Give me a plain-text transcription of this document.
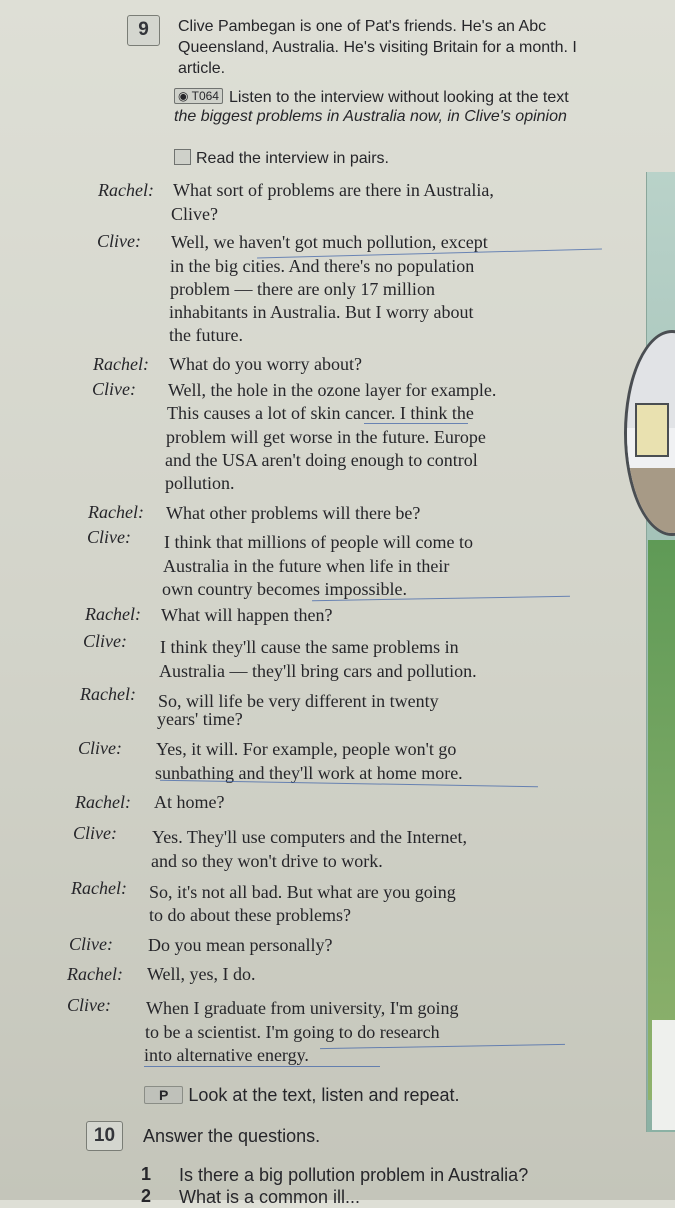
9	Clive Pambegan is one of Pat's friends. He's an Abc
Queensland, Australia. He's visiting Britain for a month. I
article.
◉ T064 Listen to the interview without looking at the text
the biggest problems in Australia now, in Clive's opinion
Read the interview in pairs.
Rachel: What sort of problems are there in Australia,
Clive?
Clive: Well, we haven't got much pollution, except
in the big cities. And there's no population
problem — there are only 17 million
inhabitants in Australia. But I worry about
the future.
Rachel: What do you worry about?
Clive: Well, the hole in the ozone layer for example.
This causes a lot of skin cancer. I think the
problem will get worse in the future. Europe
and the USA aren't doing enough to control
pollution.
Rachel: What other problems will there be?
Clive: I think that millions of people will come to
Australia in the future when life in their
own country becomes impossible.
Rachel: What will happen then?
Clive: I think they'll cause the same problems in
Australia — they'll bring cars and pollution.
Rachel: So, will life be very different in twenty
years' time?
Clive: Yes, it will. For example, people won't go
sunbathing and they'll work at home more.
Rachel: At home?
Clive: Yes. They'll use computers and the Internet,
and so they won't drive to work.
Rachel: So, it's not all bad. But what are you going
to do about these problems?
Clive: Do you mean personally?
Rachel: Well, yes, I do.
Clive: When I graduate from university, I'm going
to be a scientist. I'm going to do research
into alternative energy.
P Look at the text, listen and repeat.
10	Answer the questions.
1 Is there a big pollution problem in Australia?
2 What is a common ill...
